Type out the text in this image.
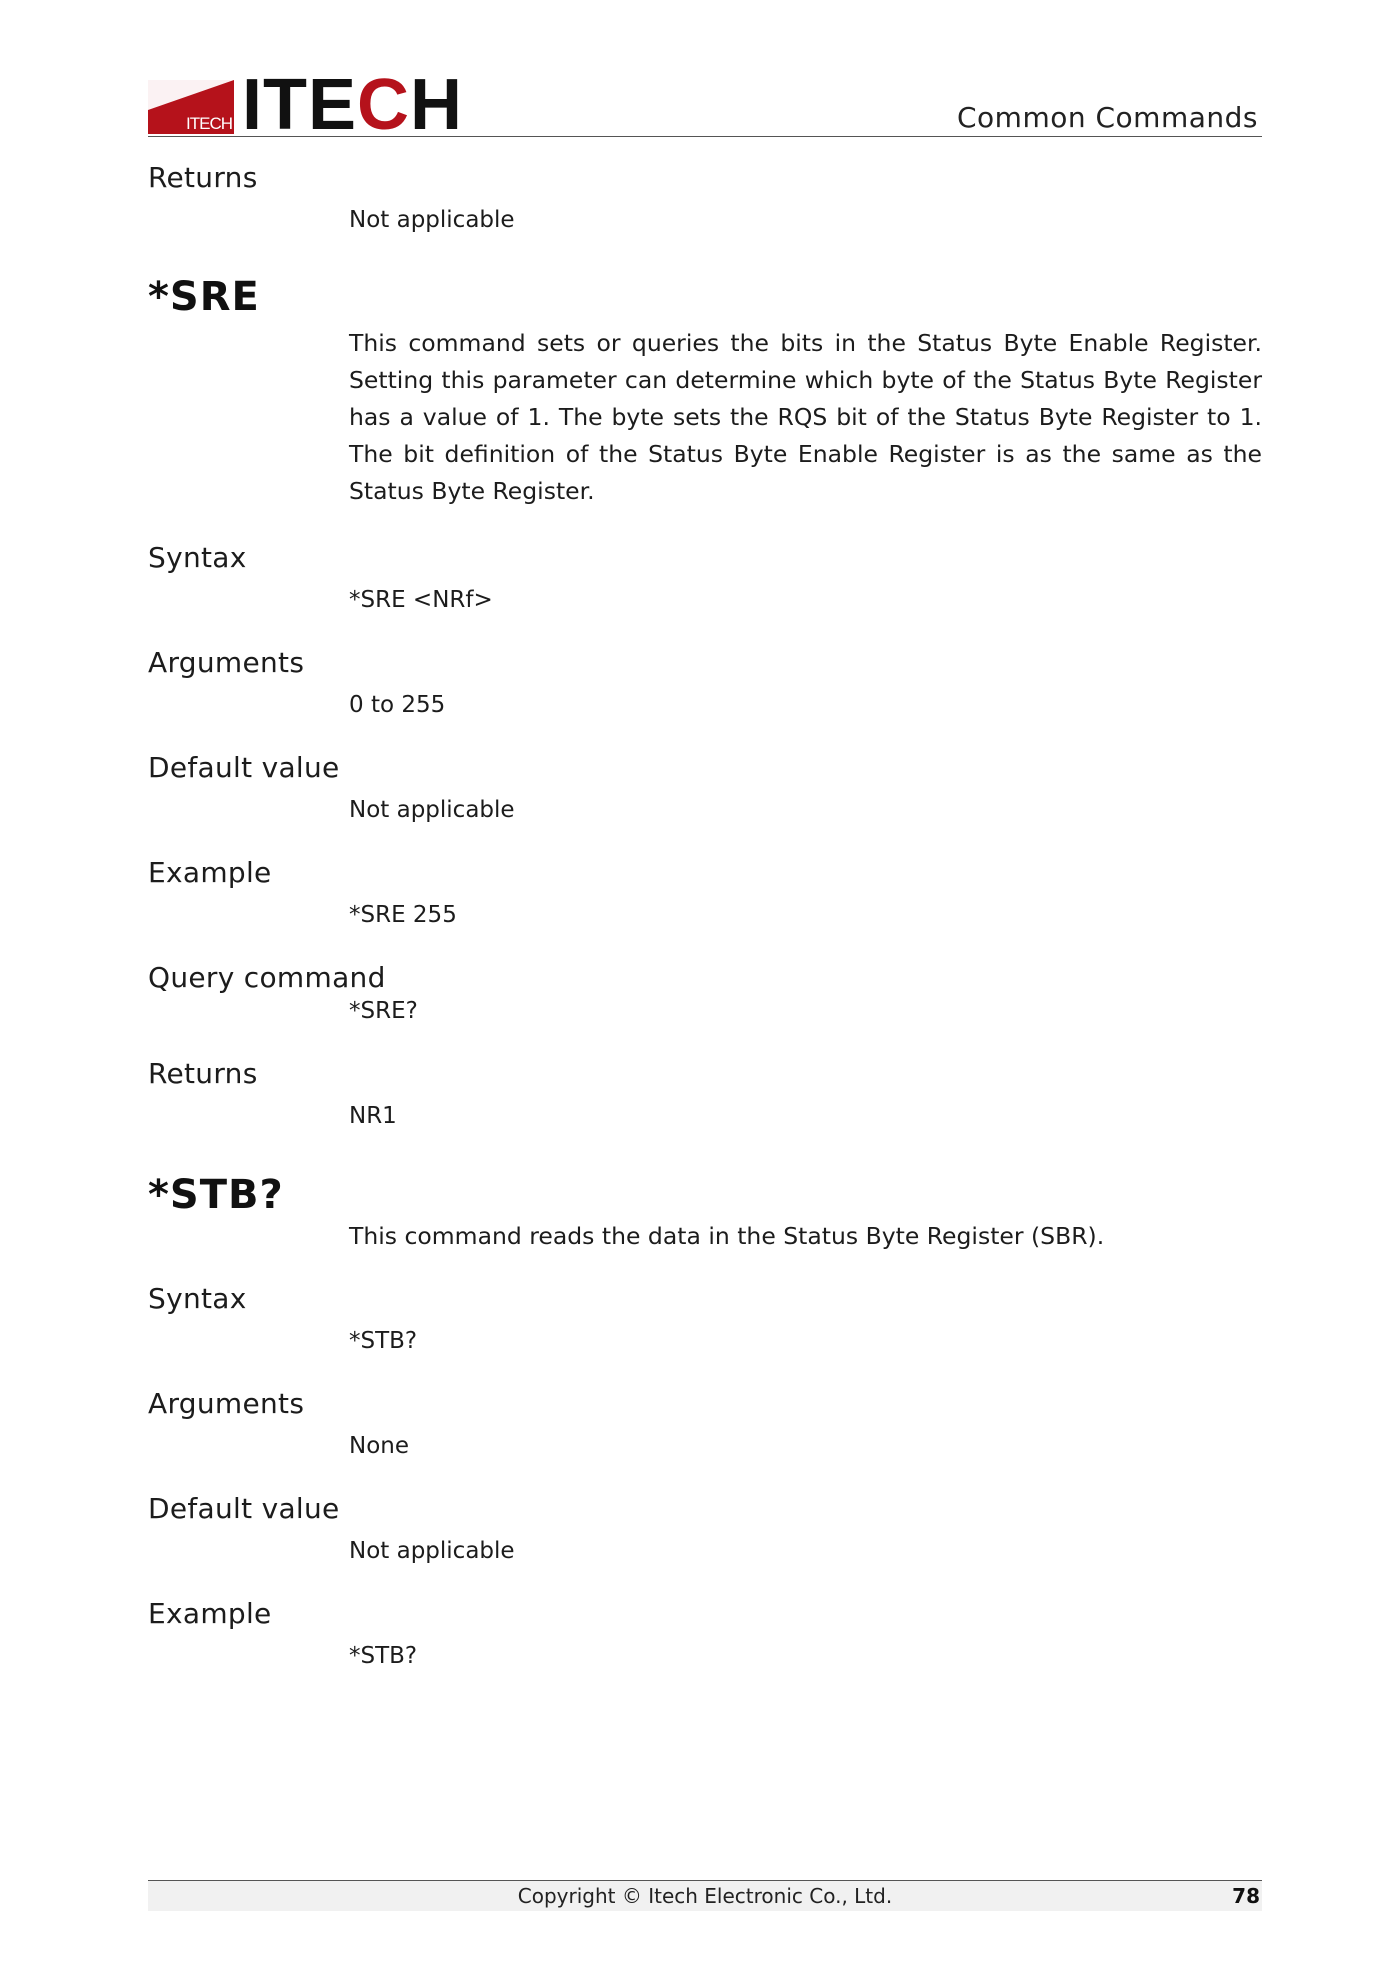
ITECH ITECH	Common Commands
Returns
Not applicable
*SRE
This command sets or queries the bits in the Status Byte Enable Register. Setting this parameter can determine which byte of the Status Byte Register has a value of 1. The byte sets the RQS bit of the Status Byte Register to 1. The bit definition of the Status Byte Enable Register is as the same as the Status Byte Register.
Syntax
*SRE <NRf>
Arguments
0 to 255
Default value
Not applicable
Example
*SRE 255
Query command
*SRE?
Returns
NR1
*STB?
This command reads the data in the Status Byte Register (SBR).
Syntax
*STB?
Arguments
None
Default value
Not applicable
Example
*STB?
Copyright © Itech Electronic Co., Ltd.	78
